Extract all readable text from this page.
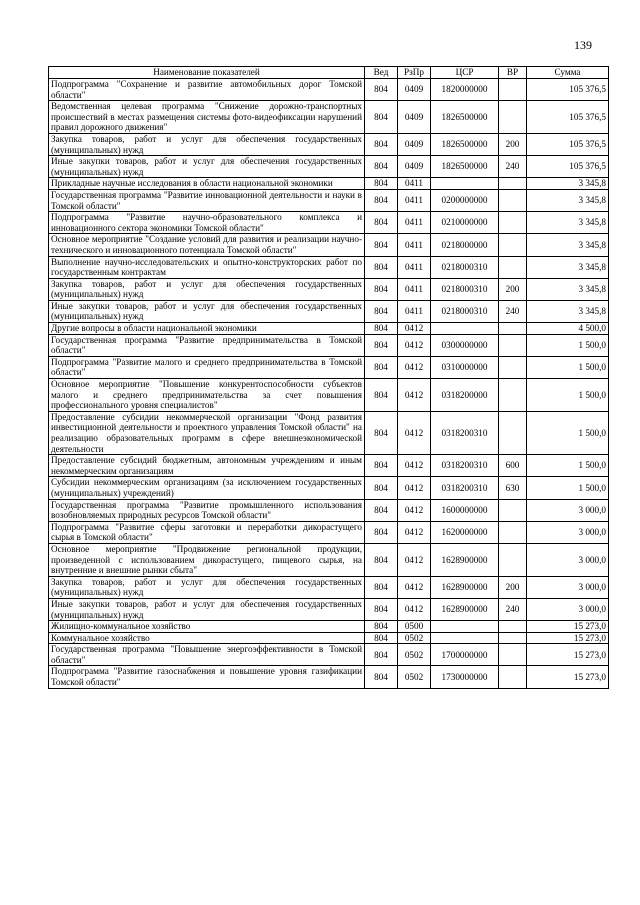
139
Наименование показателей	Вед	РзПр	ЦСР	ВР	Сумма
Подпрограмма "Сохранение и развитие автомобильных дорог Томской области"	804	0409	1820000000		105 376,5
Ведомственная целевая программа "Снижение дорожно-транспортных происшествий в местах размещения системы фото-видеофиксации нарушений правил дорожного движения"	804	0409	1826500000		105 376,5
Закупка товаров, работ и услуг для обеспечения государственных (муниципальных) нужд	804	0409	1826500000	200	105 376,5
Иные закупки товаров, работ и услуг для обеспечения государственных (муниципальных) нужд	804	0409	1826500000	240	105 376,5
Прикладные научные исследования в области национальной экономики	804	0411			3 345,8
Государственная программа "Развитие инновационной деятельности и науки в Томской области"	804	0411	0200000000		3 345,8
Подпрограмма "Развитие научно-образовательного комплекса и инновационного сектора экономики Томской области"	804	0411	0210000000		3 345,8
Основное мероприятие "Создание условий для развития и реализации научно-технического и инновационного потенциала Томской области"	804	0411	0218000000		3 345,8
Выполнение научно-исследовательских и опытно-конструкторских работ по государственным контрактам	804	0411	0218000310		3 345,8
Закупка товаров, работ и услуг для обеспечения государственных (муниципальных) нужд	804	0411	0218000310	200	3 345,8
Иные закупки товаров, работ и услуг для обеспечения государственных (муниципальных) нужд	804	0411	0218000310	240	3 345,8
Другие вопросы в области национальной экономики	804	0412			4 500,0
Государственная программа "Развитие предпринимательства в Томской области"	804	0412	0300000000		1 500,0
Подпрограмма "Развитие малого и среднего предпринимательства в Томской области"	804	0412	0310000000		1 500,0
Основное мероприятие "Повышение конкурентоспособности субъектов малого и среднего предпринимательства за счет повышения профессионального уровня специалистов"	804	0412	0318200000		1 500,0
Предоставление субсидии некоммерческой организации "Фонд развития инвестиционной деятельности и проектного управления Томской области" на реализацию образовательных программ в сфере внешнеэкономической деятельности	804	0412	0318200310		1 500,0
Предоставление субсидий бюджетным, автономным учреждениям и иным некоммерческим организациям	804	0412	0318200310	600	1 500,0
Субсидии некоммерческим организациям (за исключением государственных (муниципальных) учреждений)	804	0412	0318200310	630	1 500,0
Государственная программа "Развитие промышленного использования возобновляемых природных ресурсов Томской области"	804	0412	1600000000		3 000,0
Подпрограмма "Развитие сферы заготовки и переработки дикорастущего сырья в Томской области"	804	0412	1620000000		3 000,0
Основное мероприятие "Продвижение региональной продукции, произведенной с использованием дикорастущего, пищевого сырья, на внутренние и внешние рынки сбыта"	804	0412	1628900000		3 000,0
Закупка товаров, работ и услуг для обеспечения государственных (муниципальных) нужд	804	0412	1628900000	200	3 000,0
Иные закупки товаров, работ и услуг для обеспечения государственных (муниципальных) нужд	804	0412	1628900000	240	3 000,0
Жилищно-коммунальное хозяйство	804	0500			15 273,0
Коммунальное хозяйство	804	0502			15 273,0
Государственная программа "Повышение энергоэффективности в Томской области"	804	0502	1700000000		15 273,0
Подпрограмма "Развитие газоснабжения и повышение уровня газификации Томской области"	804	0502	1730000000		15 273,0
